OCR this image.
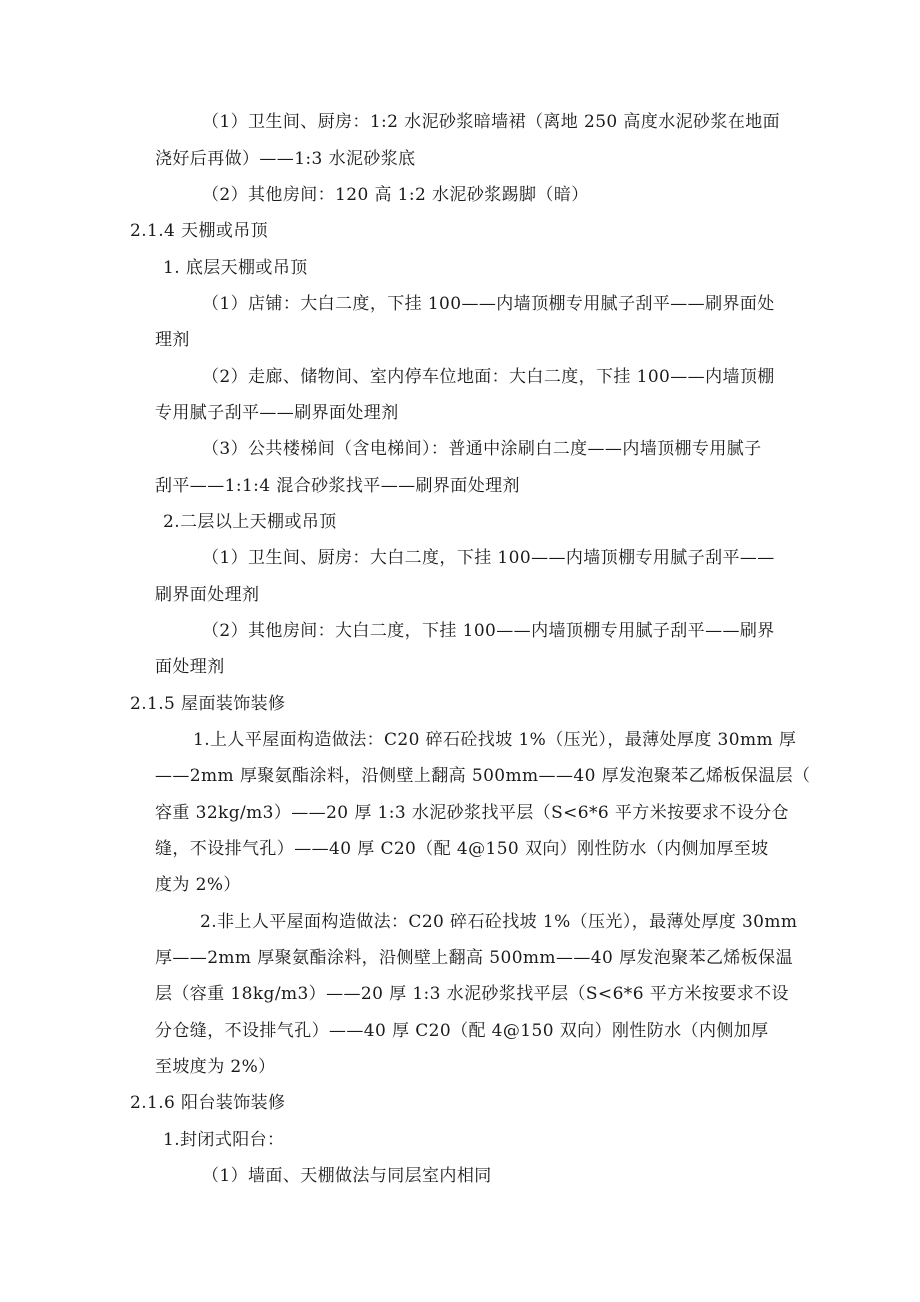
（1）卫生间、厨房：1:2 水泥砂浆暗墙裙（离地 250 高度水泥砂浆在地面
浇好后再做）——1:3 水泥砂浆底
（2）其他房间：120 高 1:2 水泥砂浆踢脚（暗）
2.1.4 天棚或吊顶
1. 底层天棚或吊顶
（1）店铺：大白二度，下挂 100——内墙顶棚专用腻子刮平——刷界面处
理剂
（2）走廊、储物间、室内停车位地面：大白二度，下挂 100——内墙顶棚
专用腻子刮平——刷界面处理剂
（3）公共楼梯间（含电梯间）：普通中涂刷白二度——内墙顶棚专用腻子
刮平——1:1:4 混合砂浆找平——刷界面处理剂
2.二层以上天棚或吊顶
（1）卫生间、厨房：大白二度，下挂 100——内墙顶棚专用腻子刮平——
刷界面处理剂
（2）其他房间：大白二度，下挂 100——内墙顶棚专用腻子刮平——刷界
面处理剂
2.1.5 屋面装饰装修
1.上人平屋面构造做法：C20 碎石砼找坡 1%（压光），最薄处厚度 30mm 厚
——2mm 厚聚氨酯涂料，沿侧壁上翻高 500mm——40 厚发泡聚苯乙烯板保温层（
容重 32kg/m3）——20 厚 1:3 水泥砂浆找平层（S<6*6 平方米按要求不设分仓
缝，不设排气孔）——40 厚 C20（配 4@150 双向）刚性防水（内侧加厚至坡
度为 2%）
2.非上人平屋面构造做法：C20 碎石砼找坡 1%（压光），最薄处厚度 30mm
厚——2mm 厚聚氨酯涂料，沿侧壁上翻高 500mm——40 厚发泡聚苯乙烯板保温
层（容重 18kg/m3）——20 厚 1:3 水泥砂浆找平层（S<6*6 平方米按要求不设
分仓缝，不设排气孔）——40 厚 C20（配 4@150 双向）刚性防水（内侧加厚
至坡度为 2%）
2.1.6 阳台装饰装修
1.封闭式阳台：
（1）墙面、天棚做法与同层室内相同
